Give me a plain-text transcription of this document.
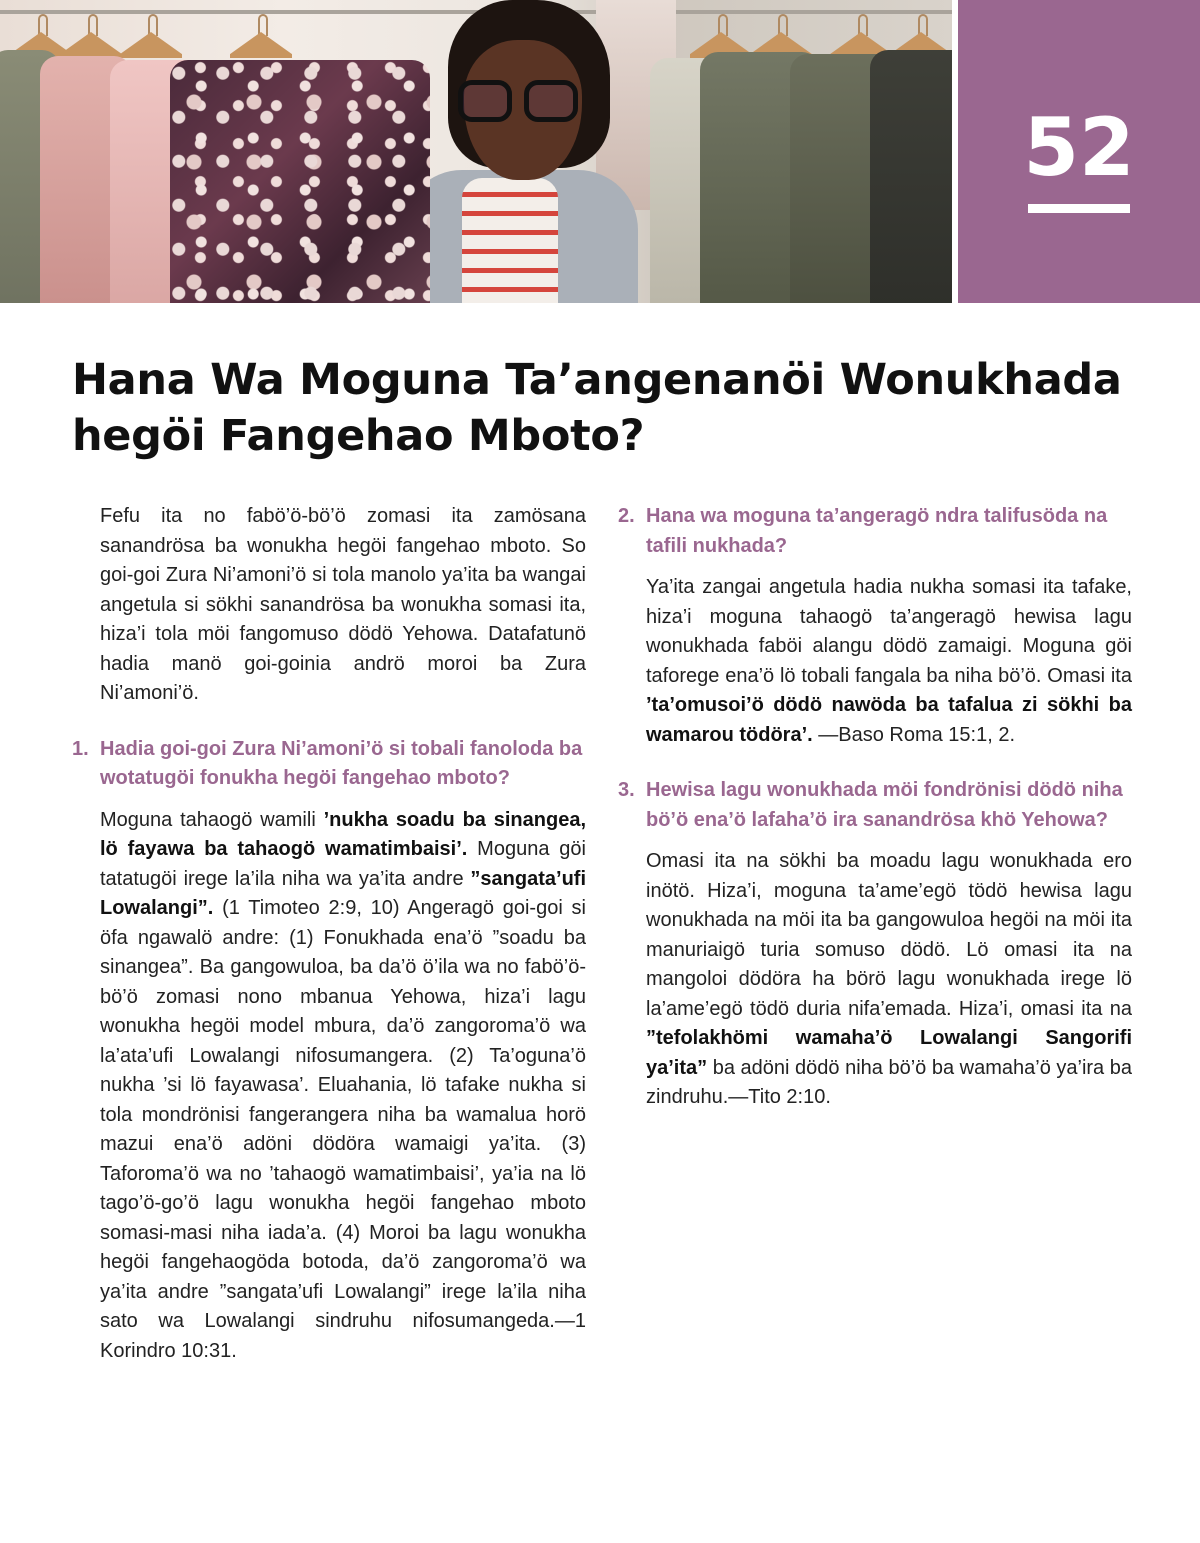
52
Hana Wa Moguna Ta’angenanöi Wonukhada hegöi Fangehao Mboto?

Fefu ita no fabö’ö-bö’ö zomasi ita zamösana sanandrösa ba wonukha hegöi fangehao mboto. So goi-goi Zura Ni’amoni’ö si tola manolo ya’ita ba wangai angetula si sökhi sanandrösa ba wonukha somasi ita, hiza’i tola möi fangomuso dödö Yehowa. Datafatunö hadia manö goi-goinia andrö moroi ba Zura Ni’amoni’ö.

1. Hadia goi-goi Zura Ni’amoni’ö si tobali fanoloda ba wotatugöi fonukha hegöi fangehao mboto?

Moguna tahaogö wamili ’nukha soadu ba sinangea, lö fayawa ba tahaogö wamatimbaisi’. Moguna göi tatatugöi irege la’ila niha wa ya’ita andre ”sangata’ufi Lowalangi”. (1 Timoteo 2:9, 10) Angeragö goi-goi si öfa ngawalö andre: (1) Fonukhada ena’ö ”soadu ba sinangea”. Ba gangowuloa, ba da’ö ö’ila wa no fabö’ö-bö’ö zomasi nono mbanua Yehowa, hiza’i lagu wonukha hegöi model mbura, da’ö zangoroma’ö wa la’ata’ufi Lowalangi nifosumangera. (2) Ta’oguna’ö nukha ’si lö fayawasa’. Eluahania, lö tafake nukha si tola mondrönisi fangerangera niha ba wamalua horö mazui ena’ö adöni dödöra wamaigi ya’ita. (3) Taforoma’ö wa no ’tahaogö wamatimbaisi’, ya’ia na lö tago’ö-go’ö lagu wonukha hegöi fangehao mboto somasi-masi niha iada’a. (4) Moroi ba lagu wonukha hegöi fangehaogöda botoda, da’ö zangoroma’ö wa ya’ita andre ”sangata’ufi Lowalangi” irege la’ila niha sato wa Lowalangi sindruhu nifosumangeda.—1 Korindro 10:31.

2. Hana wa moguna ta’angeragö ndra talifusöda na tafili nukhada?

Ya’ita zangai angetula hadia nukha somasi ita tafake, hiza’i moguna tahaogö ta’angeragö hewisa lagu wonukhada faböi alangu dödö zamaigi. Moguna göi taforege ena’ö lö tobali fangala ba niha bö’ö. Omasi ita ’ta’omusoi’ö dödö nawöda ba tafalua zi sökhi ba wamarou tödöra’. —Baso Roma 15:1, 2.

3. Hewisa lagu wonukhada möi fondrönisi dödö niha bö’ö ena’ö lafaha’ö ira sanandrösa khö Yehowa?

Omasi ita na sökhi ba moadu lagu wonukhada ero inötö. Hiza’i, moguna ta’ame’egö tödö hewisa lagu wonukhada na möi ita ba gangowuloa hegöi na möi ita manuriaigö turia somuso dödö. Lö omasi ita na mangoloi dödöra ha börö lagu wonukhada irege lö la’ame’egö tödö duria nifa’emada. Hiza’i, omasi ita na ”tefolakhömi wamaha’ö Lowalangi Sangorifi ya’ita” ba adöni dödö niha bö’ö ba wamaha’ö ya’ira ba zindruhu.—Tito 2:10.
